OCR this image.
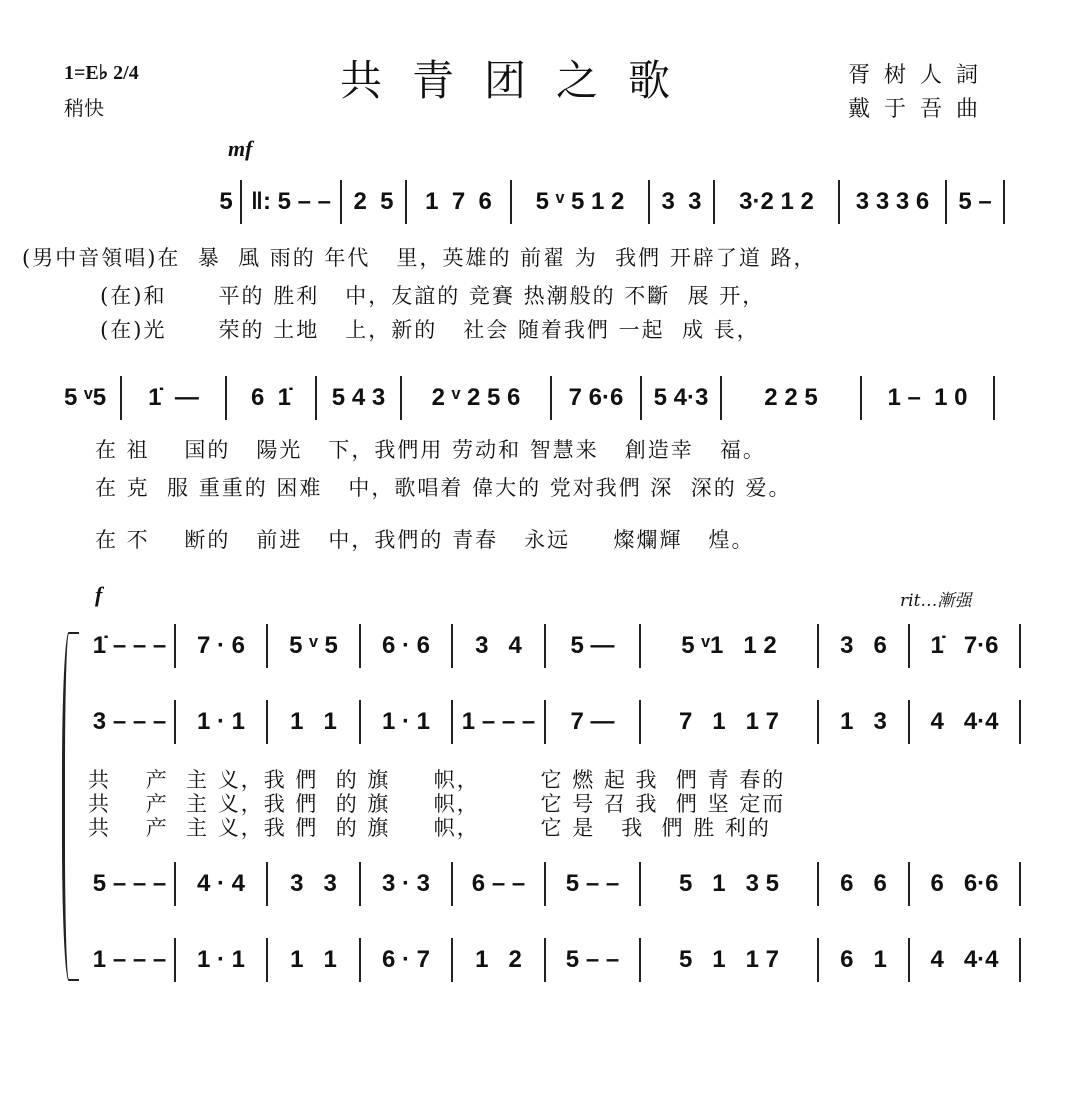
1=E♭ 2/4
稍快
共青团之歌	胥树人詞
戴于吾曲
mf
f	rit…漸强
5 ‖: 5 – – 2  5	1  7  6	5 ᵛ 5 1 2	3  3	3·2 1 2	3 3 3 6	5 –
(男中音領唱)在  暴  風 雨的 年代   里，英雄的 前翟 为  我們 开辟了道 路，
(在)和      平的 胜利   中，友誼的 竞賽 热潮般的 不斷  展 开，
(在)光      荣的 土地   上，新的   社会 随着我們 一起  成 長，
5 ᵛ5	1̇  —	6  1̇	5 4 3	2 ᵛ 2 5 6	7 6·6	5 4·3	2 2 5	1 –  1 0
在 祖    国的   陽光   下，我們用 劳动和 智慧来   創造幸   福。
在 克  服 重重的 困难   中，歌唱着 偉大的 党对我們 深  深的 爱。
在 不    断的   前进   中，我們的 青春   永远     燦爛輝   煌。
1̇ – – –	7 · 6	5 ᵛ 5	6 · 6	3   4	5 —	5 ᵛ1   1 2	3   6	1̇   7·6
3 – – –	1 · 1	1   1	1 · 1	1 – – –	7 —	7   1   1 7	1   3	4   4·4
共    产  主 义，我 們  的 旗     帜，       它 燃 起 我  們 青 春的
共    产  主 义，我 們  的 旗     帜，       它 号 召 我  們 坚 定而
共    产  主 义，我 們  的 旗     帜，       它 是   我  們 胜 利的
5 – – –	4 · 4	3   3	3 · 3	6 – –	5 – –	5   1   3 5	6   6	6   6·6
1 – – –	1 · 1	1   1	6 · 7	1   2	5 – –	5   1   1 7	6   1	4   4·4
